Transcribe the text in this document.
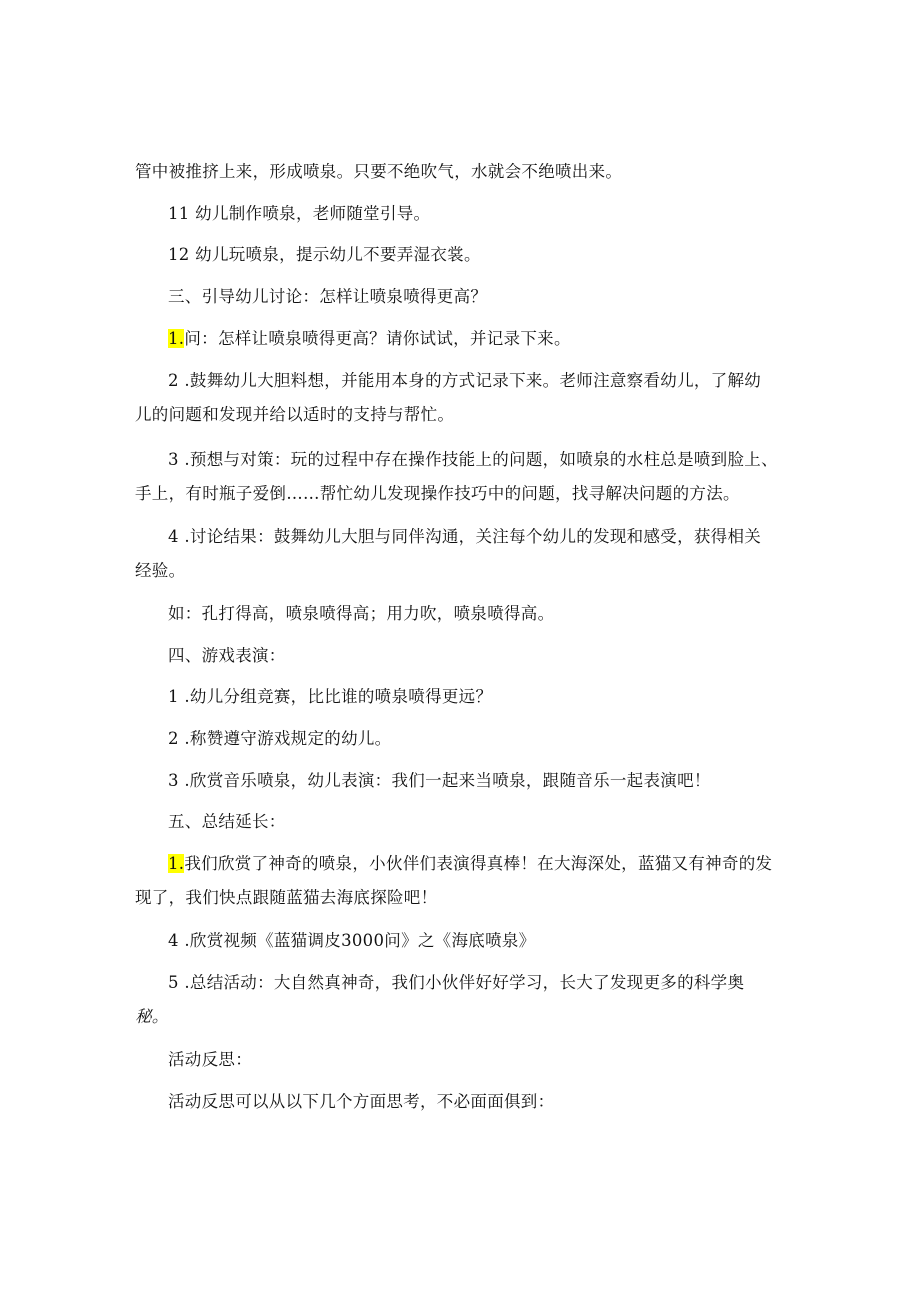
管中被推挤上来，形成喷泉。只要不绝吹气，水就会不绝喷出来。
11 幼儿制作喷泉，老师随堂引导。
12 幼儿玩喷泉，提示幼儿不要弄湿衣裳。
三、引导幼儿讨论：怎样让喷泉喷得更高？
1.问：怎样让喷泉喷得更高？请你试试，并记录下来。
2 .鼓舞幼儿大胆料想，并能用本身的方式记录下来。老师注意察看幼儿，了解幼
儿的问题和发现并给以适时的支持与帮忙。
3 .预想与对策：玩的过程中存在操作技能上的问题，如喷泉的水柱总是喷到脸上、
手上，有时瓶子爱倒……帮忙幼儿发现操作技巧中的问题，找寻解决问题的方法。
4 .讨论结果：鼓舞幼儿大胆与同伴沟通，关注每个幼儿的发现和感受，获得相关
经验。
如：孔打得高，喷泉喷得高；用力吹，喷泉喷得高。
四、游戏表演：
1 .幼儿分组竞赛，比比谁的喷泉喷得更远？
2 .称赞遵守游戏规定的幼儿。
3 .欣赏音乐喷泉，幼儿表演：我们一起来当喷泉，跟随音乐一起表演吧！
五、总结延长：
1.我们欣赏了神奇的喷泉，小伙伴们表演得真棒！在大海深处，蓝猫又有神奇的发
现了，我们快点跟随蓝猫去海底探险吧！
4 .欣赏视频《蓝猫调皮3000问》之《海底喷泉》
5 .总结活动：大自然真神奇，我们小伙伴好好学习，长大了发现更多的科学奥
秘。
活动反思：
活动反思可以从以下几个方面思考，不必面面俱到：
